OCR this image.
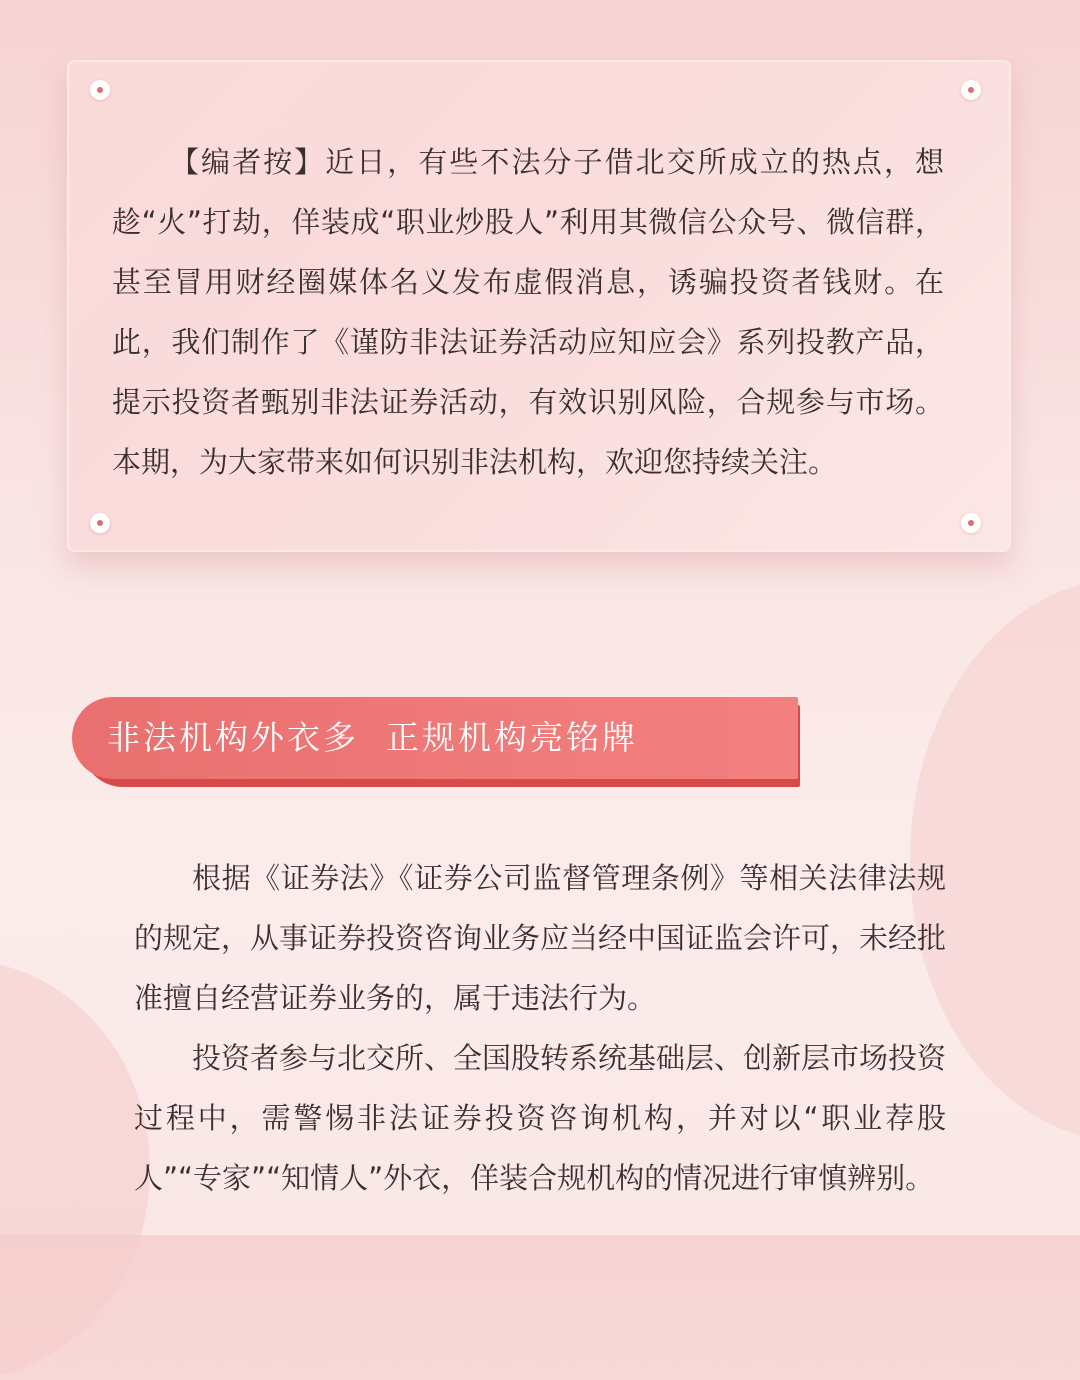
【编者按】近日，有些不法分子借北交所成立的热点，想趁“火”打劫，佯装成“职业炒股人”利用其微信公众号、微信群，甚至冒用财经圈媒体名义发布虚假消息，诱骗投资者钱财。在此，我们制作了《谨防非法证券活动应知应会》系列投教产品，提示投资者甄别非法证券活动，有效识别风险，合规参与市场。本期，为大家带来如何识别非法机构，欢迎您持续关注。

非法机构外衣多  正规机构亮铭牌

根据《证券法》《证券公司监督管理条例》等相关法律法规的规定，从事证券投资咨询业务应当经中国证监会许可，未经批准擅自经营证券业务的，属于违法行为。

投资者参与北交所、全国股转系统基础层、创新层市场投资过程中，需警惕非法证券投资咨询机构，并对以“职业荐股人”“专家”“知情人”外衣，佯装合规机构的情况进行审慎辨别。
